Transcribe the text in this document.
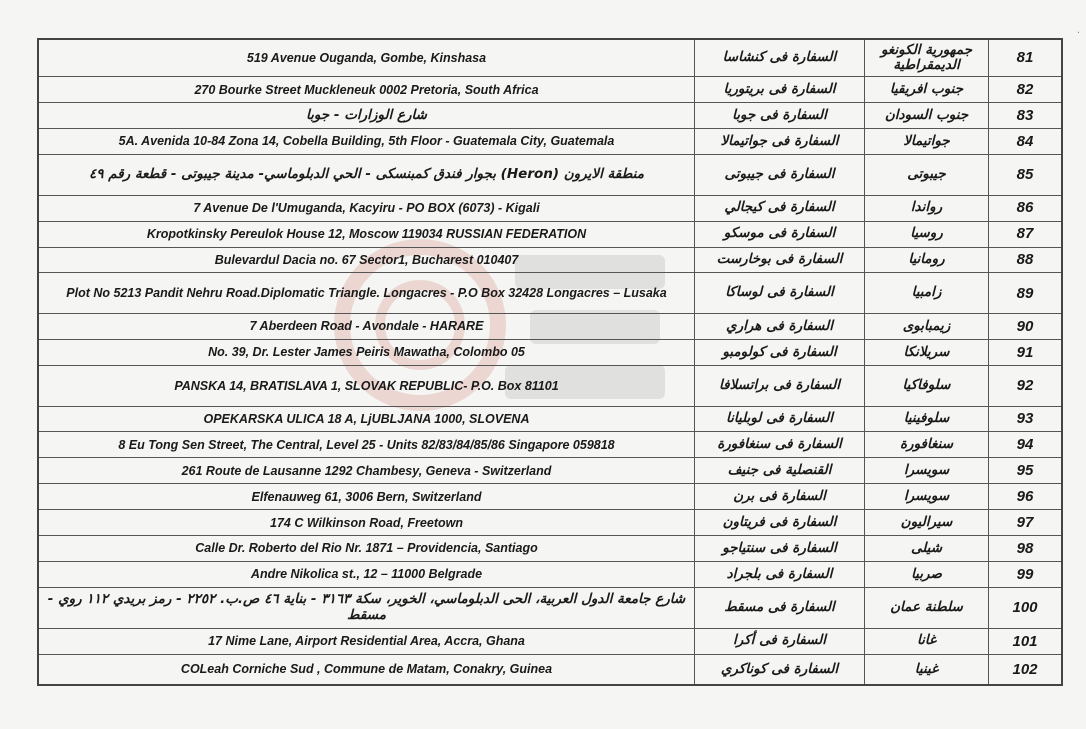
519 Avenue Ouganda, Gombe, Kinshasa	السفارة فى كنشاسا	جمهورية الكونغو الديمقراطية	81
270 Bourke Street Muckleneuk 0002 Pretoria, South Africa	السفارة فى بريتوريا	جنوب افريقيا	82
شارع الوزارات - جوبا	السفارة فى جوبا	جنوب السودان	83
5A. Avenida 10-84 Zona 14, Cobella Building, 5th Floor - Guatemala City, Guatemala	السفارة فى جواتيمالا	جواتيمالا	84
منطقة الايرون (Heron) بجوار فندق كمبنسكى - الحي الدبلوماسي- مدينة جيبوتى - قطعة رقم ٤٩	السفارة فى جيبوتى	جيبوتى	85
7 Avenue De l'Umuganda, Kacyiru - PO BOX (6073) - Kigali	السفارة فى كيجالي	رواندا	86
Kropotkinsky Pereulok House 12, Moscow 119034 RUSSIAN FEDERATION	السفارة فى موسكو	روسيا	87
Bulevardul Dacia no. 67 Sector1, Bucharest 010407	السفارة فى بوخارست	رومانيا	88
Plot No 5213 Pandit Nehru Road.Diplomatic Triangle. Longacres - P.O Box 32428 Longacres – Lusaka	السفارة فى لوساكا	زامبيا	89
7 Aberdeen Road - Avondale - HARARE	السفارة فى هراري	زيمبابوى	90
No. 39, Dr. Lester James Peiris Mawatha, Colombo 05	السفارة فى كولومبو	سريلانكا	91
PANSKA 14, BRATISLAVA 1, SLOVAK REPUBLIC- P.O. Box 81101	السفارة فى براتسلافا	سلوفاكيا	92
OPEKARSKA ULICA 18 A, LjUBLJANA 1000, SLOVENA	السفارة فى لوبليانا	سلوفينيا	93
8 Eu Tong Sen Street, The Central, Level 25 - Units 82/83/84/85/86 Singapore 059818	السفارة فى سنغافورة	سنغافورة	94
261 Route de Lausanne 1292 Chambesy, Geneva - Switzerland	القنصلية فى جنيف	سويسرا	95
Elfenauweg 61, 3006 Bern, Switzerland	السفارة فى برن	سويسرا	96
174 C Wilkinson Road, Freetown	السفارة فى فريتاون	سيراليون	97
Calle Dr. Roberto del Rio Nr. 1871 – Providencia, Santiago	السفارة فى سنتياجو	شيلى	98
Andre Nikolica st., 12 – 11000 Belgrade	السفارة فى بلجراد	صربيا	99
شارع جامعة الدول العربية، الحى الدبلوماسي، الخوير، سكة ٣١٦٣ - بناية ٤٦ ص.ب. ٢٢٥٢ - رمز بريدي ١١٢ روي - مسقط	السفارة فى مسقط	سلطنة عمان	100
17 Nime Lane, Airport Residential Area, Accra, Ghana	السفارة فى أكرا	غانا	101
COLeah Corniche Sud , Commune de Matam, Conakry, Guinea	السفارة فى كوناكري	غينيا	102
·
